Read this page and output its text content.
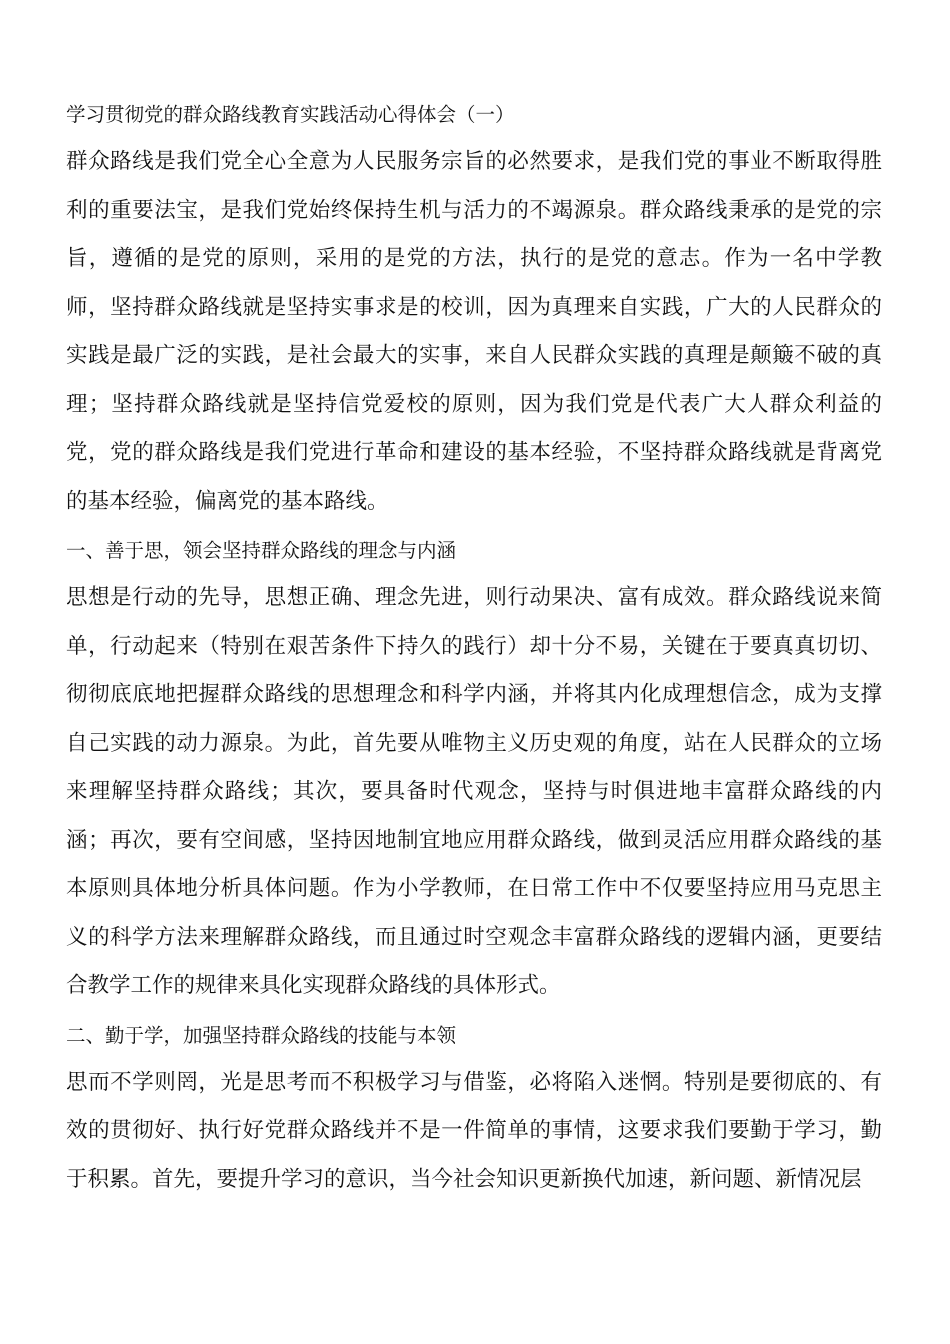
学习贯彻党的群众路线教育实践活动心得体会（一）

群众路线是我们党全心全意为人民服务宗旨的必然要求，是我们党的事业不断取得胜利的重要法宝，是我们党始终保持生机与活力的不竭源泉。群众路线秉承的是党的宗旨，遵循的是党的原则，采用的是党的方法，执行的是党的意志。作为一名中学教师，坚持群众路线就是坚持实事求是的校训，因为真理来自实践，广大的人民群众的实践是最广泛的实践，是社会最大的实事，来自人民群众实践的真理是颠簸不破的真理；坚持群众路线就是坚持信党爱校的原则，因为我们党是代表广大人群众利益的党，党的群众路线是我们党进行革命和建设的基本经验，不坚持群众路线就是背离党的基本经验，偏离党的基本路线。

一、善于思，领会坚持群众路线的理念与内涵

思想是行动的先导，思想正确、理念先进，则行动果决、富有成效。群众路线说来简单，行动起来（特别在艰苦条件下持久的践行）却十分不易，关键在于要真真切切、彻彻底底地把握群众路线的思想理念和科学内涵，并将其内化成理想信念，成为支撑自己实践的动力源泉。为此，首先要从唯物主义历史观的角度，站在人民群众的立场来理解坚持群众路线；其次，要具备时代观念，坚持与时俱进地丰富群众路线的内涵；再次，要有空间感，坚持因地制宜地应用群众路线，做到灵活应用群众路线的基本原则具体地分析具体问题。作为小学教师，在日常工作中不仅要坚持应用马克思主义的科学方法来理解群众路线，而且通过时空观念丰富群众路线的逻辑内涵，更要结合教学工作的规律来具化实现群众路线的具体形式。

二、勤于学，加强坚持群众路线的技能与本领

思而不学则罔，光是思考而不积极学习与借鉴，必将陷入迷惘。特别是要彻底的、有效的贯彻好、执行好党群众路线并不是一件简单的事情，这要求我们要勤于学习，勤于积累。首先，要提升学习的意识，当今社会知识更新换代加速，新问题、新情况层
